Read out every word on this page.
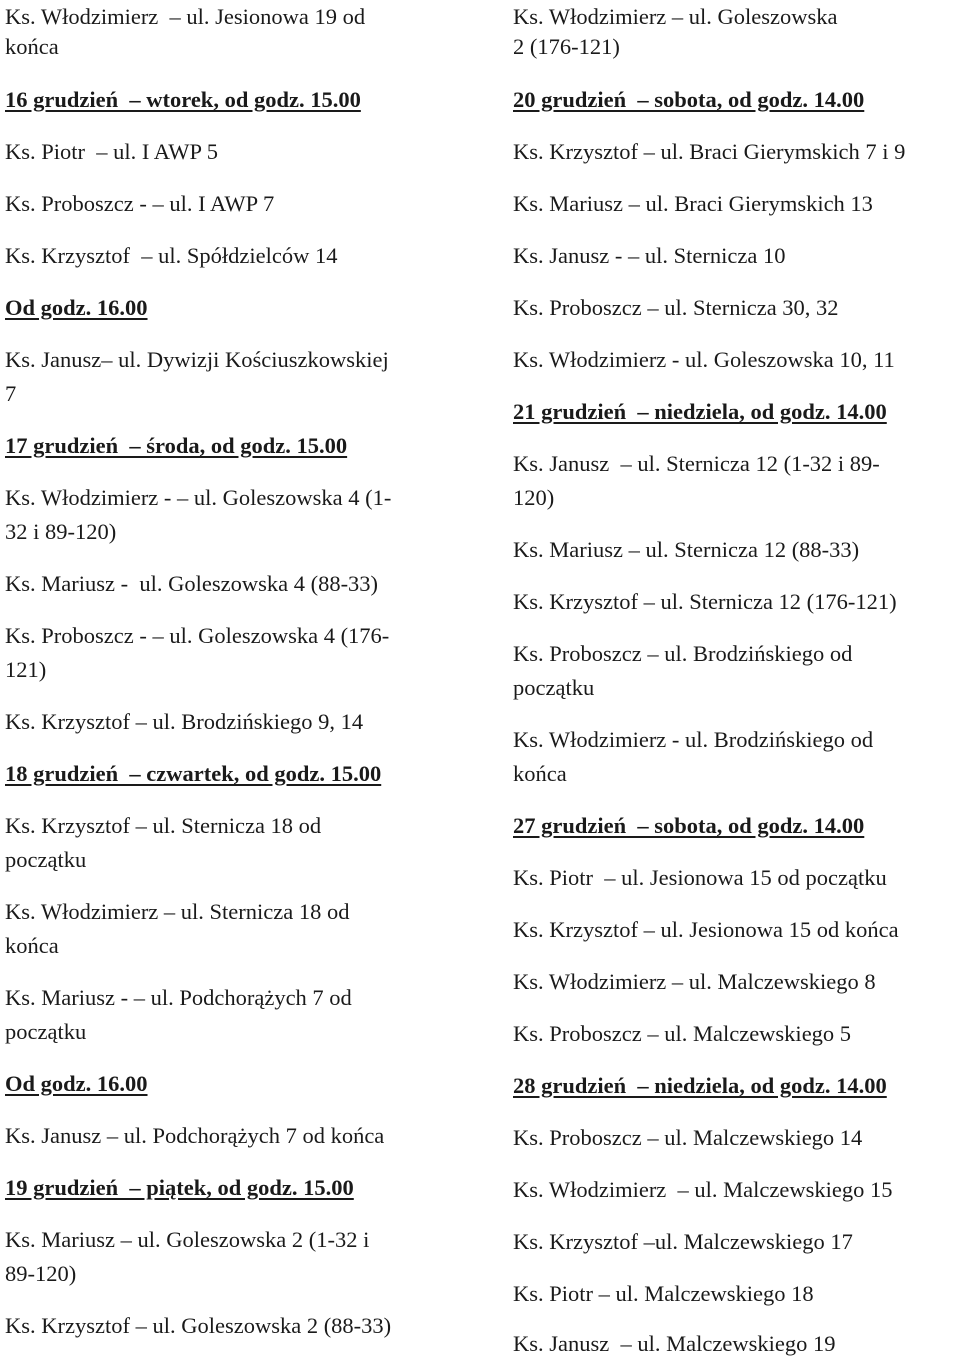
Ks. Włodzimierz  – ul. Jesionowa 19 od
końca
16 grudzień  – wtorek, od godz. 15.00
Ks. Piotr  – ul. I AWP 5
Ks. Proboszcz - – ul. I AWP 7
Ks. Krzysztof  – ul. Spółdzielców 14
Od godz. 16.00
Ks. Janusz– ul. Dywizji Kościuszkowskiej
7
17 grudzień  – środa, od godz. 15.00
Ks. Włodzimierz - – ul. Goleszowska 4 (1-
32 i 89-120)
Ks. Mariusz -  ul. Goleszowska 4 (88-33)
Ks. Proboszcz - – ul. Goleszowska 4 (176-
121)
Ks. Krzysztof – ul. Brodzińskiego 9, 14
18 grudzień  – czwartek, od godz. 15.00
Ks. Krzysztof – ul. Sternicza 18 od
początku
Ks. Włodzimierz – ul. Sternicza 18 od
końca
Ks. Mariusz - – ul. Podchorążych 7 od
początku
Od godz. 16.00
Ks. Janusz – ul. Podchorążych 7 od końca
19 grudzień  – piątek, od godz. 15.00
Ks. Mariusz – ul. Goleszowska 2 (1-32 i
89-120)
Ks. Krzysztof – ul. Goleszowska 2 (88-33)
Ks. Włodzimierz – ul. Goleszowska
2 (176-121)
20 grudzień  – sobota, od godz. 14.00
Ks. Krzysztof – ul. Braci Gierymskich 7 i 9
Ks. Mariusz – ul. Braci Gierymskich 13
Ks. Janusz - – ul. Sternicza 10
Ks. Proboszcz – ul. Sternicza 30, 32
Ks. Włodzimierz - ul. Goleszowska 10, 11
21 grudzień  – niedziela, od godz. 14.00
Ks. Janusz  – ul. Sternicza 12 (1-32 i 89-
120)
Ks. Mariusz – ul. Sternicza 12 (88-33)
Ks. Krzysztof – ul. Sternicza 12 (176-121)
Ks. Proboszcz – ul. Brodzińskiego od
początku
Ks. Włodzimierz - ul. Brodzińskiego od
końca
27 grudzień  – sobota, od godz. 14.00
Ks. Piotr  – ul. Jesionowa 15 od początku
Ks. Krzysztof – ul. Jesionowa 15 od końca
Ks. Włodzimierz – ul. Malczewskiego 8
Ks. Proboszcz – ul. Malczewskiego 5
28 grudzień  – niedziela, od godz. 14.00
Ks. Proboszcz – ul. Malczewskiego 14
Ks. Włodzimierz  – ul. Malczewskiego 15
Ks. Krzysztof –ul. Malczewskiego 17
Ks. Piotr – ul. Malczewskiego 18
Ks. Janusz  – ul. Malczewskiego 19
